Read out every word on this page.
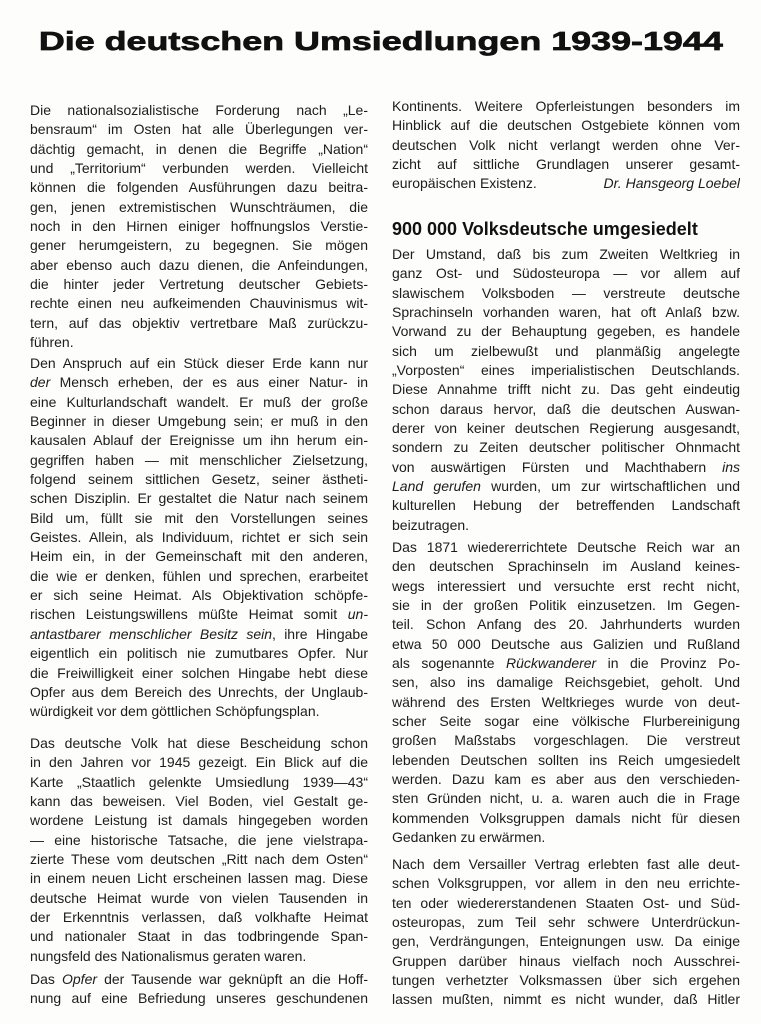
Die deutschen Umsiedlungen 1939-1944
Die nationalsozialistische Forderung nach „Le-
bensraum“ im Osten hat alle Überlegungen ver-
dächtig gemacht, in denen die Begriffe „Nation“
und „Territorium“ verbunden werden. Vielleicht
können die folgenden Ausführungen dazu beitra-
gen, jenen extremistischen Wunschträumen, die
noch in den Hirnen einiger hoffnungslos Verstie-
gener herumgeistern, zu begegnen. Sie mögen
aber ebenso auch dazu dienen, die Anfeindungen,
die hinter jeder Vertretung deutscher Gebiets-
rechte einen neu aufkeimenden Chauvinismus wit-
tern, auf das objektiv vertretbare Maß zurückzu-
führen.
Den Anspruch auf ein Stück dieser Erde kann nur
der Mensch erheben, der es aus einer Natur- in
eine Kulturlandschaft wandelt. Er muß der große
Beginner in dieser Umgebung sein; er muß in den
kausalen Ablauf der Ereignisse um ihn herum ein-
gegriffen haben — mit menschlicher Zielsetzung,
folgend seinem sittlichen Gesetz, seiner ästheti-
schen Disziplin. Er gestaltet die Natur nach seinem
Bild um, füllt sie mit den Vorstellungen seines
Geistes. Allein, als Individuum, richtet er sich sein
Heim ein, in der Gemeinschaft mit den anderen,
die wie er denken, fühlen und sprechen, erarbeitet
er sich seine Heimat. Als Objektivation schöpfe-
rischen Leistungswillens müßte Heimat somit un-
antastbarer menschlicher Besitz sein, ihre Hingabe
eigentlich ein politisch nie zumutbares Opfer. Nur
die Freiwilligkeit einer solchen Hingabe hebt diese
Opfer aus dem Bereich des Unrechts, der Unglaub-
würdigkeit vor dem göttlichen Schöpfungsplan.
Das deutsche Volk hat diese Bescheidung schon
in den Jahren vor 1945 gezeigt. Ein Blick auf die
Karte „Staatlich gelenkte Umsiedlung 1939—43“
kann das beweisen. Viel Boden, viel Gestalt ge-
wordene Leistung ist damals hingegeben worden
— eine historische Tatsache, die jene vielstrapa-
zierte These vom deutschen „Ritt nach dem Osten“
in einem neuen Licht erscheinen lassen mag. Diese
deutsche Heimat wurde von vielen Tausenden in
der Erkenntnis verlassen, daß volkhafte Heimat
und nationaler Staat in das todbringende Span-
nungsfeld des Nationalismus geraten waren.
Das Opfer der Tausende war geknüpft an die Hoff-
nung auf eine Befriedung unseres geschundenen
Kontinents. Weitere Opferleistungen besonders im
Hinblick auf die deutschen Ostgebiete können vom
deutschen Volk nicht verlangt werden ohne Ver-
zicht auf sittliche Grundlagen unserer gesamt-
europäischen Existenz.	Dr. Hansgeorg Loebel
900 000 Volksdeutsche umgesiedelt
Der Umstand, daß bis zum Zweiten Weltkrieg in
ganz Ost- und Südosteuropa — vor allem auf
slawischem Volksboden — verstreute deutsche
Sprachinseln vorhanden waren, hat oft Anlaß bzw.
Vorwand zu der Behauptung gegeben, es handele
sich um zielbewußt und planmäßig angelegte
„Vorposten“ eines imperialistischen Deutschlands.
Diese Annahme trifft nicht zu. Das geht eindeutig
schon daraus hervor, daß die deutschen Auswan-
derer von keiner deutschen Regierung ausgesandt,
sondern zu Zeiten deutscher politischer Ohnmacht
von auswärtigen Fürsten und Machthabern ins
Land gerufen wurden, um zur wirtschaftlichen und
kulturellen Hebung der betreffenden Landschaft
beizutragen.
Das 1871 wiedererrichtete Deutsche Reich war an
den deutschen Sprachinseln im Ausland keines-
wegs interessiert und versuchte erst recht nicht,
sie in der großen Politik einzusetzen. Im Gegen-
teil. Schon Anfang des 20. Jahrhunderts wurden
etwa 50 000 Deutsche aus Galizien und Rußland
als sogenannte Rückwanderer in die Provinz Po-
sen, also ins damalige Reichsgebiet, geholt. Und
während des Ersten Weltkrieges wurde von deut-
scher Seite sogar eine völkische Flurbereinigung
großen Maßstabs vorgeschlagen. Die verstreut
lebenden Deutschen sollten ins Reich umgesiedelt
werden. Dazu kam es aber aus den verschieden-
sten Gründen nicht, u. a. waren auch die in Frage
kommenden Volksgruppen damals nicht für diesen
Gedanken zu erwärmen.
Nach dem Versailler Vertrag erlebten fast alle deut-
schen Volksgruppen, vor allem in den neu errichte-
ten oder wiedererstandenen Staaten Ost- und Süd-
osteuropas, zum Teil sehr schwere Unterdrückun-
gen, Verdrängungen, Enteignungen usw. Da einige
Gruppen darüber hinaus vielfach noch Ausschrei-
tungen verhetzter Volksmassen über sich ergehen
lassen mußten, nimmt es nicht wunder, daß Hitler
